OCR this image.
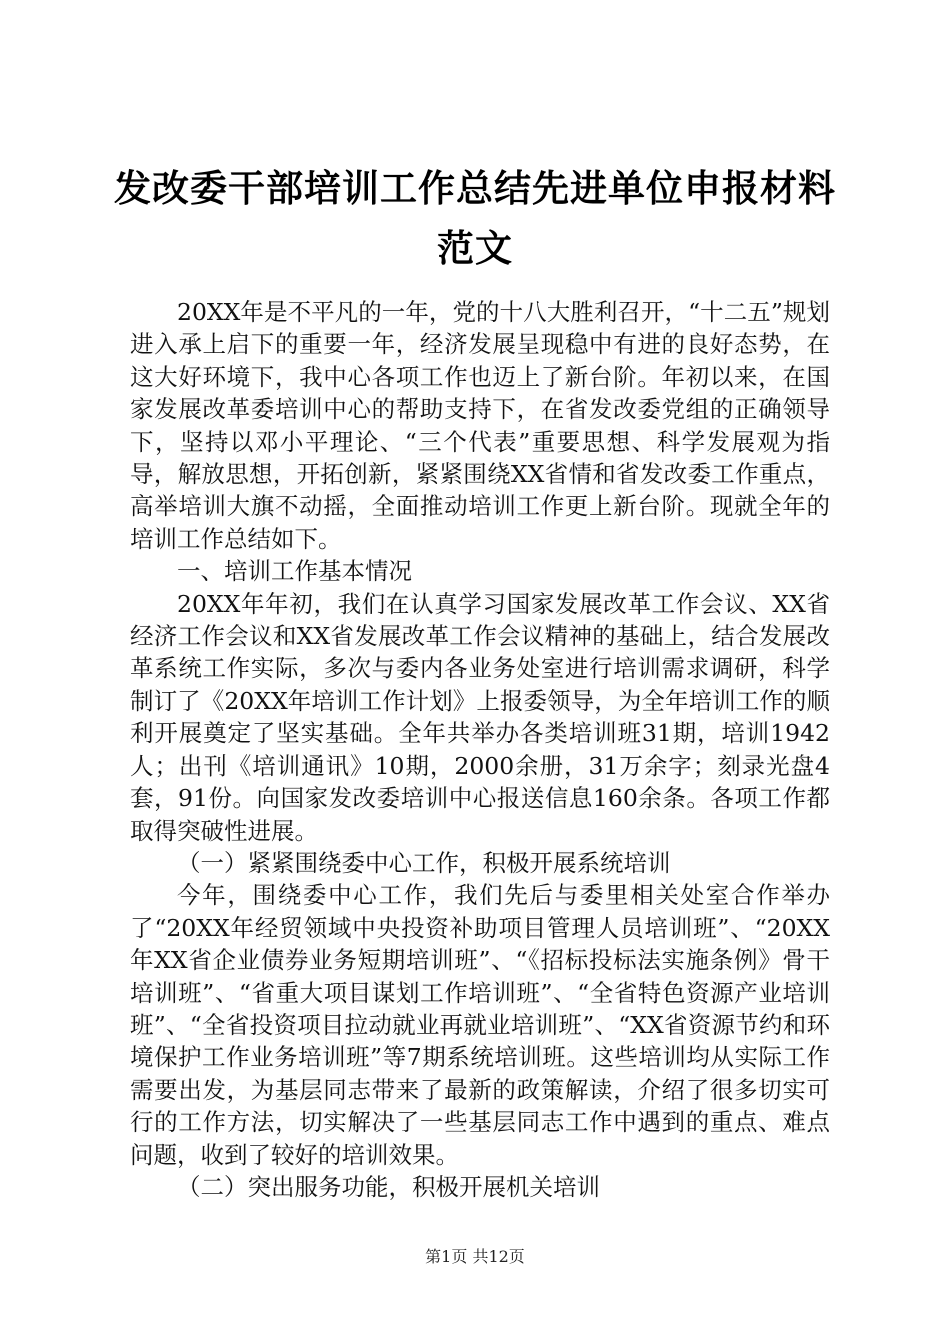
发改委干部培训工作总结先进单位申报材料范文

20XX年是不平凡的一年，党的十八大胜利召开，“十二五”规划进入承上启下的重要一年，经济发展呈现稳中有进的良好态势，在这大好环境下，我中心各项工作也迈上了新台阶。年初以来，在国家发展改革委培训中心的帮助支持下，在省发改委党组的正确领导下，坚持以邓小平理论、“三个代表”重要思想、科学发展观为指导，解放思想，开拓创新，紧紧围绕XX省情和省发改委工作重点，高举培训大旗不动摇，全面推动培训工作更上新台阶。现就全年的培训工作总结如下。

一、培训工作基本情况

20XX年年初，我们在认真学习国家发展改革工作会议、XX省经济工作会议和XX省发展改革工作会议精神的基础上，结合发展改革系统工作实际，多次与委内各业务处室进行培训需求调研，科学制订了《20XX年培训工作计划》上报委领导，为全年培训工作的顺利开展奠定了坚实基础。全年共举办各类培训班31期，培训1942人；出刊《培训通讯》10期，2000余册，31万余字；刻录光盘4套，91份。向国家发改委培训中心报送信息160余条。各项工作都取得突破性进展。

（一）紧紧围绕委中心工作，积极开展系统培训

今年，围绕委中心工作，我们先后与委里相关处室合作举办了“20XX年经贸领域中央投资补助项目管理人员培训班”、“20XX年XX省企业债券业务短期培训班”、“《招标投标法实施条例》骨干培训班”、“省重大项目谋划工作培训班”、“全省特色资源产业培训班”、“全省投资项目拉动就业再就业培训班”、“XX省资源节约和环境保护工作业务培训班”等7期系统培训班。这些培训均从实际工作需要出发，为基层同志带来了最新的政策解读，介绍了很多切实可行的工作方法，切实解决了一些基层同志工作中遇到的重点、难点问题，收到了较好的培训效果。

（二）突出服务功能，积极开展机关培训

第1页 共12页
